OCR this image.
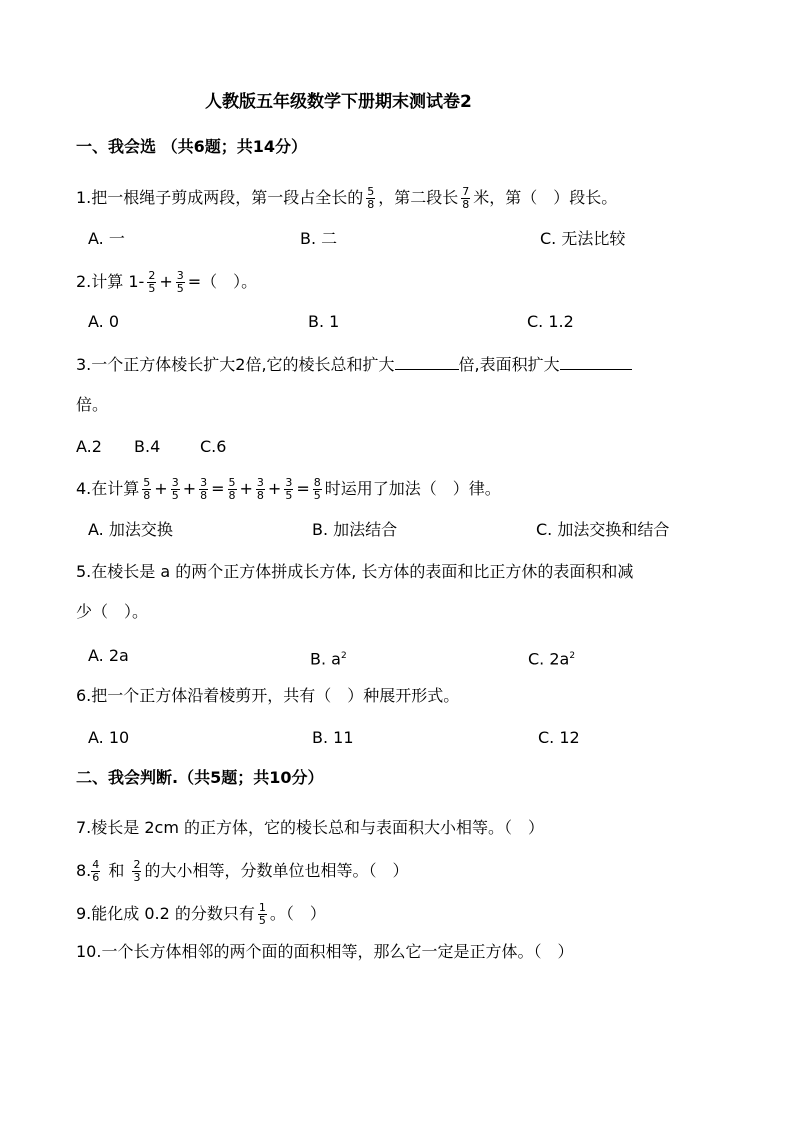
人教版五年级数学下册期末测试卷2
一、我会选 （共6题；共14分）
1.把一根绳子剪成两段，第一段占全长的 $\frac{5}{8}$ ，第二段长 $\frac{7}{8}$ 米，第（　）段长。
A. 一	B. 二	C. 无法比较
2.计算 $1- \frac{2}{5} + \frac{3}{5}$ =（　）。
A. 0	B. 1	C. 1.2
3.一个正方体棱长扩大2倍,它的棱长总和扩大	倍,表面积扩大
倍。
A.2 B.4 C.6
4.在计算 $\frac{5}{8} + \frac{3}{5} + \frac{3}{8} = \frac{5}{8} + \frac{3}{8} + \frac{3}{5} = \frac{8}{5}$ 时运用了加法（　）律。
A. 加法交换	B. 加法结合	C. 加法交换和结合
5.在棱长是 a 的两个正方体拼成长方体, 长方体的表面和比正方休的表面积和减
少（　）。
A. 2a	B. $a^2$	C. $2a^2$
6.把一个正方体沿着棱剪开，共有（　）种展开形式。
A. 10	B. 11	C. 12
二、我会判断.（共5题；共10分）
7.棱长是 2cm 的正方体，它的棱长总和与表面积大小相等。（　）
8. $\frac{4}{6}$ 和 $\frac{2}{3}$ 的大小相等，分数单位也相等。（　）
9.能化成 0.2 的分数只有 $\frac{1}{5}$ 。（　）
10.一个长方体相邻的两个面的面积相等，那么它一定是正方体。（　）
